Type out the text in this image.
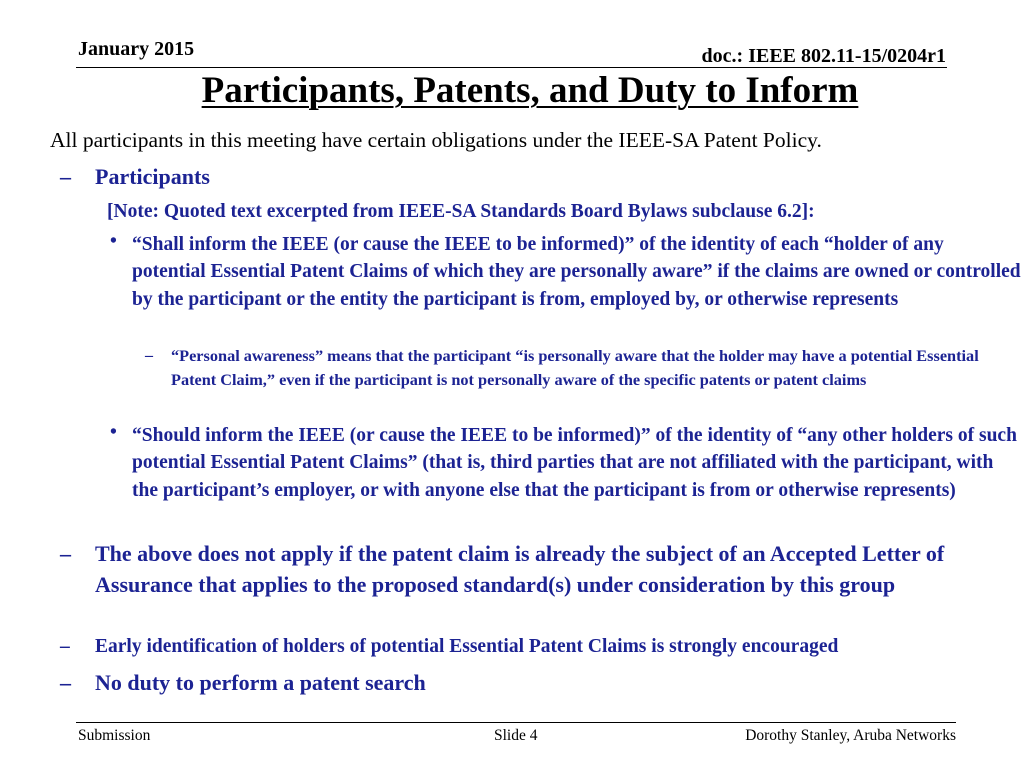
January 2015	doc.: IEEE 802.11-15/0204r1
Participants, Patents, and Duty to Inform
All participants in this meeting have certain obligations under the IEEE-SA Patent Policy.
– Participants
[Note: Quoted text excerpted from IEEE-SA Standards Board Bylaws subclause 6.2]:
• “Shall inform the IEEE (or cause the IEEE to be informed)” of the identity of each “holder of any potential Essential Patent Claims of which they are personally aware” if the claims are owned or controlled by the participant or the entity the participant is from, employed by, or otherwise represents
– “Personal awareness” means that the participant “is personally aware that the holder may have a potential Essential Patent Claim,” even if the participant is not personally aware of the specific patents or patent claims
• “Should inform the IEEE (or cause the IEEE to be informed)” of the identity of “any other holders of such potential Essential Patent Claims” (that is, third parties that are not affiliated with the participant, with the participant’s employer, or with anyone else that the participant is from or otherwise represents)
– The above does not apply if the patent claim is already the subject of an Accepted Letter of Assurance that applies to the proposed standard(s) under consideration by this group
– Early identification of holders of potential Essential Patent Claims is strongly encouraged
– No duty to perform a patent search
Submission	Slide 4	Dorothy Stanley, Aruba Networks
